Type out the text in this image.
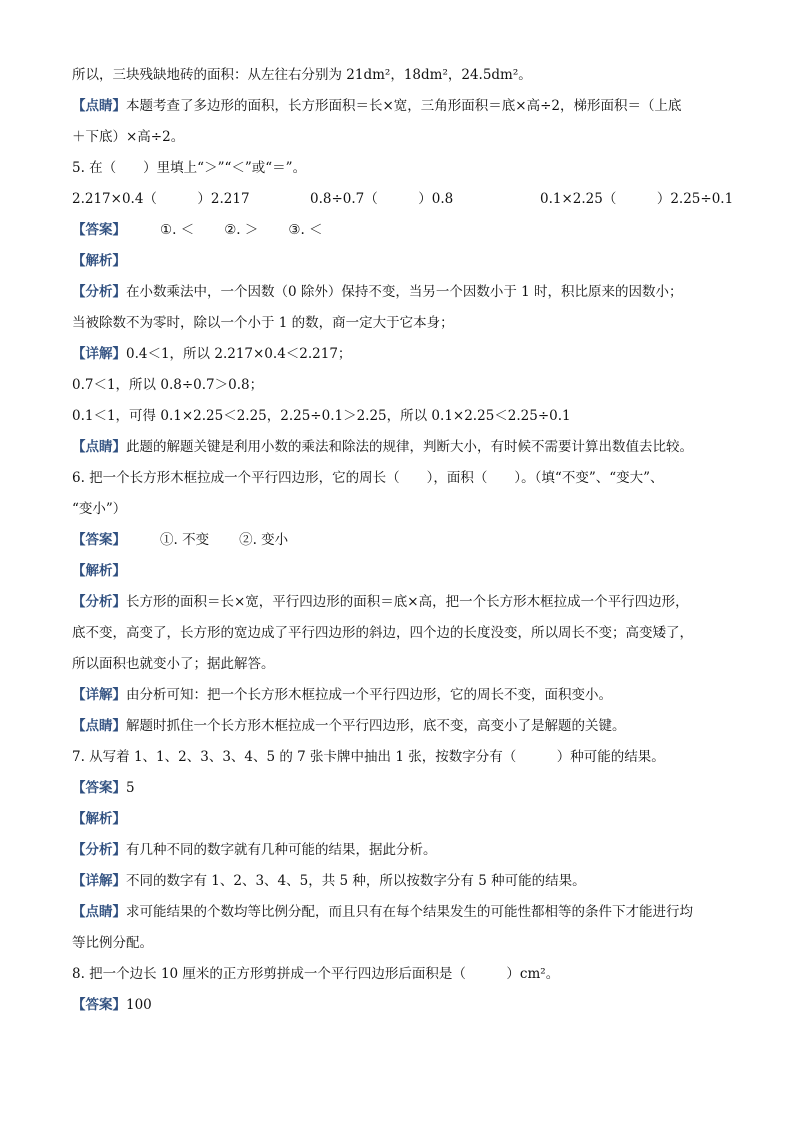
所以，三块残缺地砖的面积：从左往右分别为 21dm²，18dm²，24.5dm²。
【点睛】本题考查了多边形的面积，长方形面积＝长×宽，三角形面积＝底×高÷2，梯形面积＝（上底
＋下底）×高÷2。
5. 在（　　）里填上“＞”“＜”或“＝”。
2.217×0.4（　　　）2.217	0.8÷0.7（　　　）0.8	0.1×2.25（　　　）2.25÷0.1
【答案】	①. ＜ ②. ＞ ③. ＜
【解析】
【分析】在小数乘法中，一个因数（0 除外）保持不变，当另一个因数小于 1 时，积比原来的因数小；
当被除数不为零时，除以一个小于 1 的数，商一定大于它本身；
【详解】0.4＜1，所以 2.217×0.4＜2.217；
0.7＜1，所以 0.8÷0.7＞0.8；
0.1＜1，可得 0.1×2.25＜2.25，2.25÷0.1＞2.25，所以 0.1×2.25＜2.25÷0.1
【点睛】此题的解题关键是利用小数的乘法和除法的规律，判断大小，有时候不需要计算出数值去比较。
6. 把一个长方形木框拉成一个平行四边形，它的周长（　　），面积（　　）。（填“不变”、“变大”、
“变小”）
【答案】	①. 不变 ②. 变小
【解析】
【分析】长方形的面积＝长×宽，平行四边形的面积＝底×高，把一个长方形木框拉成一个平行四边形，
底不变，高变了，长方形的宽边成了平行四边形的斜边，四个边的长度没变，所以周长不变；高变矮了，
所以面积也就变小了；据此解答。
【详解】由分析可知：把一个长方形木框拉成一个平行四边形，它的周长不变，面积变小。
【点睛】解题时抓住一个长方形木框拉成一个平行四边形，底不变，高变小了是解题的关键。
7. 从写着 1、1、2、3、3、4、5 的 7 张卡牌中抽出 1 张，按数字分有（　　　）种可能的结果。
【答案】5
【解析】
【分析】有几种不同的数字就有几种可能的结果，据此分析。
【详解】不同的数字有 1、2、3、4、5，共 5 种，所以按数字分有 5 种可能的结果。
【点睛】求可能结果的个数均等比例分配，而且只有在每个结果发生的可能性都相等的条件下才能进行均
等比例分配。
8. 把一个边长 10 厘米的正方形剪拼成一个平行四边形后面积是（　　　）cm²。
【答案】100
